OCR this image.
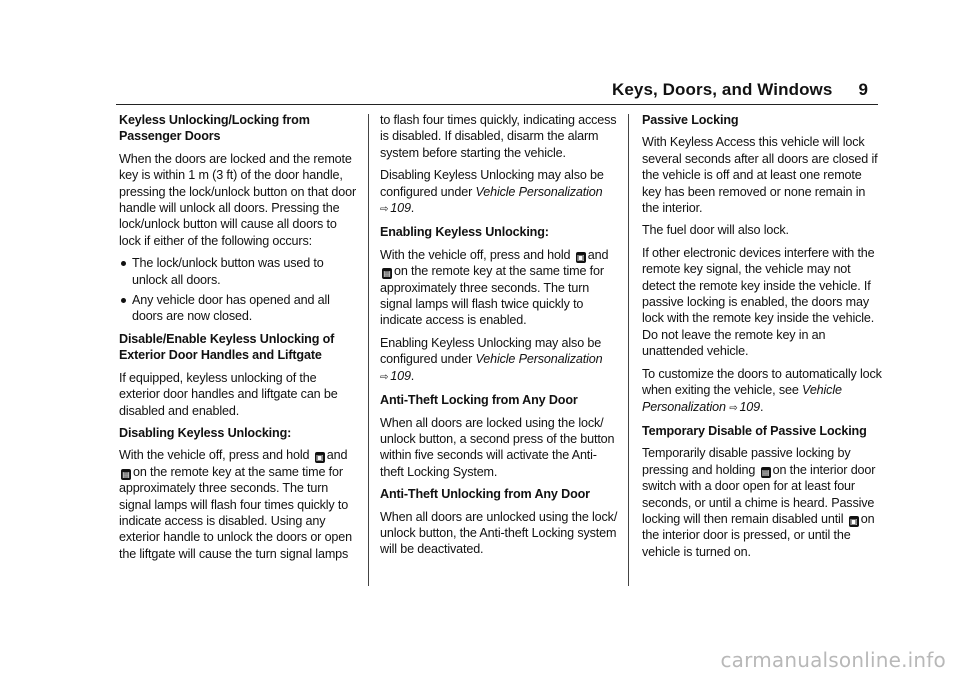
Keys, Doors, and Windows 9

Keyless Unlocking/Locking from Passenger Doors

When the doors are locked and the remote key is within 1 m (3 ft) of the door handle, pressing the lock/unlock button on that door handle will unlock all doors. Pressing the lock/unlock button will cause all doors to lock if either of the following occurs:

The lock/unlock button was used to unlock all doors.
Any vehicle door has opened and all doors are now closed.

Disable/Enable Keyless Unlocking of Exterior Door Handles and Liftgate

If equipped, keyless unlocking of the exterior door handles and liftgate can be disabled and enabled.

Disabling Keyless Unlocking:

With the vehicle off, press and hold ▣ and ▤ on the remote key at the same time for approximately three seconds. The turn signal lamps will flash four times quickly to indicate access is disabled. Using any exterior handle to unlock the doors or open the liftgate will cause the turn signal lamps

to flash four times quickly, indicating access is disabled. If disabled, disarm the alarm system before starting the vehicle.

Disabling Keyless Unlocking may also be configured under Vehicle Personalization
⇨ 109.

Enabling Keyless Unlocking:

With the vehicle off, press and hold ▣ and ▤ on the remote key at the same time for approximately three seconds. The turn signal lamps will flash twice quickly to indicate access is enabled.

Enabling Keyless Unlocking may also be configured under Vehicle Personalization
⇨ 109.

Anti-Theft Locking from Any Door

When all doors are locked using the lock/ unlock button, a second press of the button within five seconds will activate the Anti-theft Locking System.

Anti-Theft Unlocking from Any Door

When all doors are unlocked using the lock/ unlock button, the Anti-theft Locking system will be deactivated.

Passive Locking

With Keyless Access this vehicle will lock several seconds after all doors are closed if the vehicle is off and at least one remote key has been removed or none remain in the interior.

The fuel door will also lock.

If other electronic devices interfere with the remote key signal, the vehicle may not detect the remote key inside the vehicle. If passive locking is enabled, the doors may lock with the remote key inside the vehicle. Do not leave the remote key in an unattended vehicle.

To customize the doors to automatically lock when exiting the vehicle, see Vehicle Personalization ⇨ 109.

Temporary Disable of Passive Locking

Temporarily disable passive locking by pressing and holding ▤ on the interior door switch with a door open for at least four seconds, or until a chime is heard. Passive locking will then remain disabled until ▣ on the interior door is pressed, or until the vehicle is turned on.

carmanualsonline.info
